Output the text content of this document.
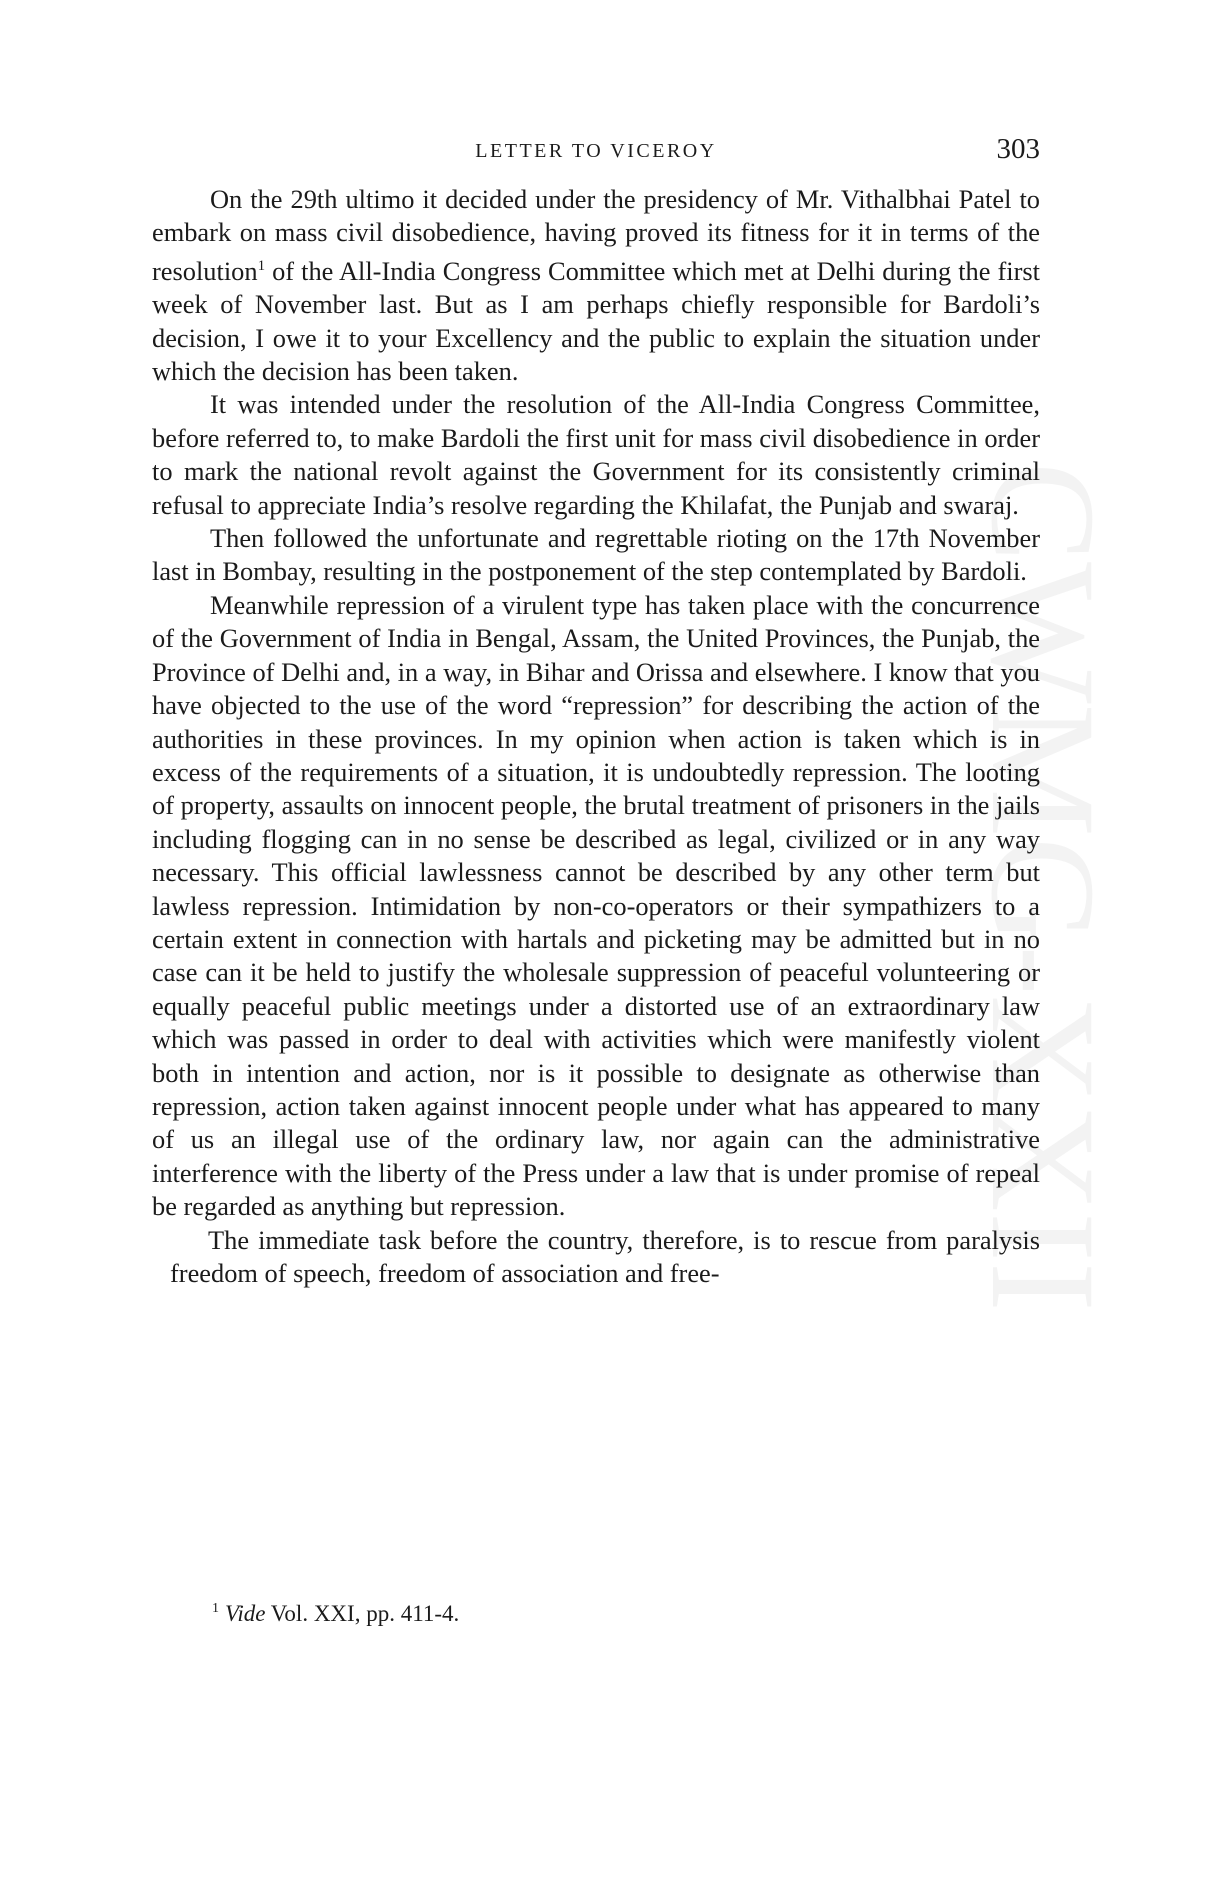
CWMG-XXII
LETTER TO VICEROY	303

On the 29th ultimo it decided under the presidency of Mr. Vithalbhai Patel to embark on mass civil disobedience, having proved its fitness for it in terms of the resolution$^1$ of the All-India Congress Committee which met at Delhi during the first week of November last. But as I am perhaps chiefly responsible for Bardoli’s decision, I owe it to your Excellency and the public to explain the situation under which the decision has been taken.

It was intended under the resolution of the All-India Congress Committee, before referred to, to make Bardoli the first unit for mass civil disobedience in order to mark the national revolt against the Government for its consistently criminal refusal to appreciate India’s resolve regarding the Khilafat, the Punjab and swaraj.

Then followed the unfortunate and regrettable rioting on the 17th November last in Bombay, resulting in the postponement of the step contemplated by Bardoli.

Meanwhile repression of a virulent type has taken place with the concurrence of the Government of India in Bengal, Assam, the United Provinces, the Punjab, the Province of Delhi and, in a way, in Bihar and Orissa and elsewhere. I know that you have objected to the use of the word “repression” for describing the action of the authorities in these provinces. In my opinion when action is taken which is in excess of the requirements of a situation, it is undoubtedly repression. The looting of property, assaults on innocent people, the brutal treatment of prisoners in the jails including flogging can in no sense be described as legal, civilized or in any way necessary. This official lawlessness cannot be described by any other term but lawless repression. Intimidation by non-co-operators or their sympathizers to a certain extent in connection with hartals and picketing may be admitted but in no case can it be held to justify the wholesale suppression of peaceful volunteering or equally peaceful public meetings under a distorted use of an extraordinary law which was passed in order to deal with activities which were manifestly violent both in intention and action, nor is it possible to designate as otherwise than repression, action taken against innocent people under what has appeared to many of us an illegal use of the ordinary law, nor again can the administrative interference with the liberty of the Press under a law that is under promise of repeal be regarded as anything but repression.

The immediate task before the country, therefore, is to rescue from paralysis freedom of speech, freedom of association and free-

$^1$ Vide Vol. XXI, pp. 411-4.
